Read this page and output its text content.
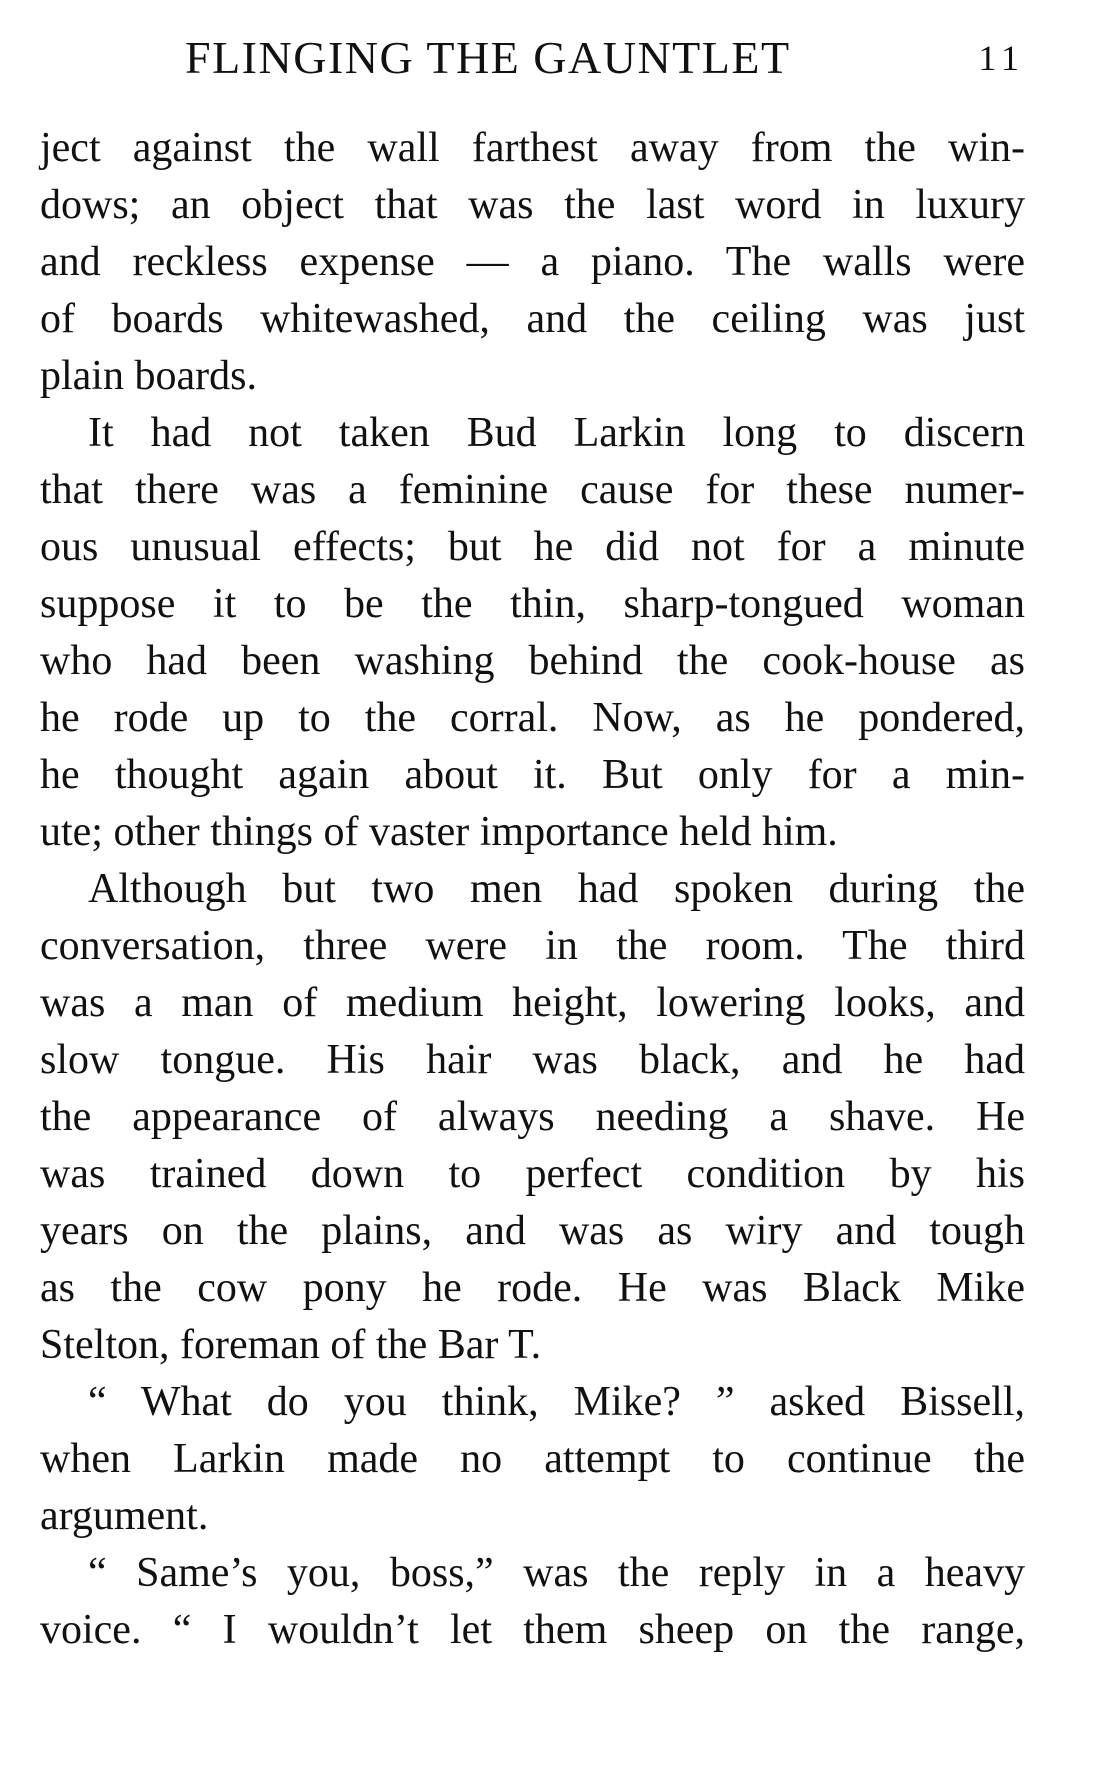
FLINGING THE GAUNTLET	11
ject against the wall farthest away from the win-
dows; an object that was the last word in luxury
and reckless expense — a piano. The walls were
of boards whitewashed, and the ceiling was just
plain boards.
It had not taken Bud Larkin long to discern
that there was a feminine cause for these numer-
ous unusual effects; but he did not for a minute
suppose it to be the thin, sharp-tongued woman
who had been washing behind the cook-house as
he rode up to the corral. Now, as he pondered,
he thought again about it. But only for a min-
ute; other things of vaster importance held him.
Although but two men had spoken during the
conversation, three were in the room. The third
was a man of medium height, lowering looks, and
slow tongue. His hair was black, and he had
the appearance of always needing a shave. He
was trained down to perfect condition by his
years on the plains, and was as wiry and tough
as the cow pony he rode. He was Black Mike
Stelton, foreman of the Bar T.
“ What do you think, Mike? ” asked Bissell,
when Larkin made no attempt to continue the
argument.
“ Same’s you, boss,” was the reply in a heavy
voice. “ I wouldn’t let them sheep on the range,
